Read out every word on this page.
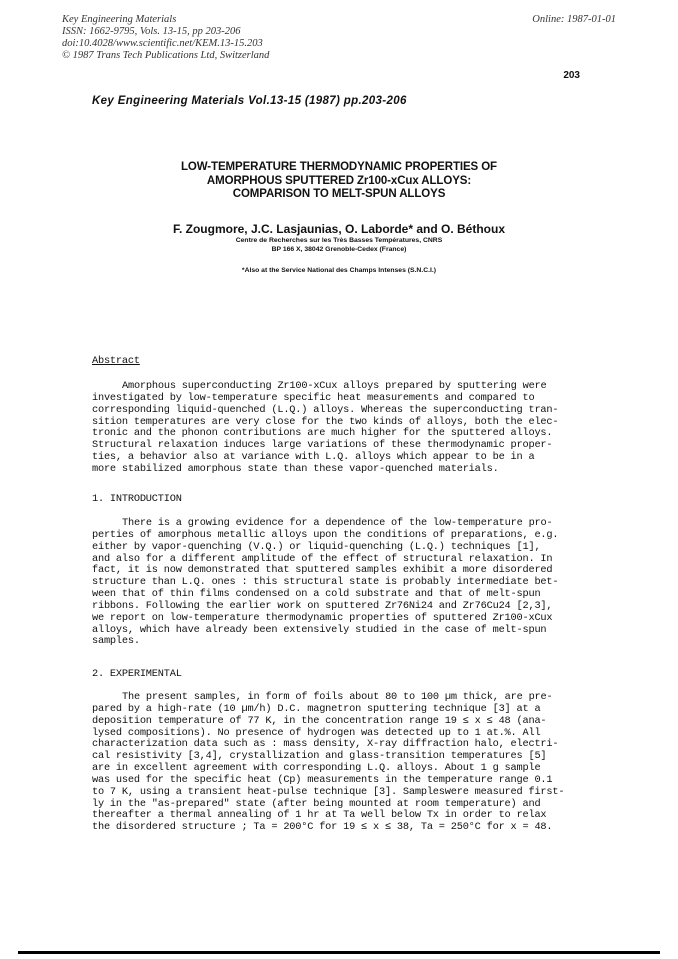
Key Engineering Materials
ISSN: 1662-9795, Vols. 13-15, pp 203-206
doi:10.4028/www.scientific.net/KEM.13-15.203
© 1987 Trans Tech Publications Ltd, Switzerland
Online: 1987-01-01
203
Key Engineering Materials Vol.13-15 (1987) pp.203-206
LOW-TEMPERATURE THERMODYNAMIC PROPERTIES OF
AMORPHOUS SPUTTERED Zr100-xCux ALLOYS:
COMPARISON TO MELT-SPUN ALLOYS
F. Zougmore, J.C. Lasjaunias, O. Laborde* and O. Béthoux
Centre de Recherches sur les Très Basses Températures, CNRS
BP 166 X, 38042 Grenoble-Cedex (France)
*Also at the Service National des Champs Intenses (S.N.C.I.)
Abstract
Amorphous superconducting Zr100-xCux alloys prepared by sputtering were
investigated by low-temperature specific heat measurements and compared to
corresponding liquid-quenched (L.Q.) alloys. Whereas the superconducting tran-
sition temperatures are very close for the two kinds of alloys, both the elec-
tronic and the phonon contributions are much higher for the sputtered alloys.
Structural relaxation induces large variations of these thermodynamic proper-
ties, a behavior also at variance with L.Q. alloys which appear to be in a
more stabilized amorphous state than these vapor-quenched materials.
1. INTRODUCTION
There is a growing evidence for a dependence of the low-temperature pro-
perties of amorphous metallic alloys upon the conditions of preparations, e.g.
either by vapor-quenching (V.Q.) or liquid-quenching (L.Q.) techniques [1],
and also for a different amplitude of the effect of structural relaxation. In
fact, it is now demonstrated that sputtered samples exhibit a more disordered
structure than L.Q. ones : this structural state is probably intermediate bet-
ween that of thin films condensed on a cold substrate and that of melt-spun
ribbons. Following the earlier work on sputtered Zr76Ni24 and Zr76Cu24 [2,3],
we report on low-temperature thermodynamic properties of sputtered Zr100-xCux
alloys, which have already been extensively studied in the case of melt-spun
samples.
2. EXPERIMENTAL
The present samples, in form of foils about 80 to 100 µm thick, are pre-
pared by a high-rate (10 µm/h) D.C. magnetron sputtering technique [3] at a
deposition temperature of 77 K, in the concentration range 19 ≤ x ≤ 48 (ana-
lysed compositions). No presence of hydrogen was detected up to 1 at.%. All
characterization data such as : mass density, X-ray diffraction halo, electri-
cal resistivity [3,4], crystallization and glass-transition temperatures [5]
are in excellent agreement with corresponding L.Q. alloys. About 1 g sample
was used for the specific heat (Cp) measurements in the temperature range 0.1
to 7 K, using a transient heat-pulse technique [3]. Sampleswere measured first-
ly in the "as-prepared" state (after being mounted at room temperature) and
thereafter a thermal annealing of 1 hr at Ta well below Tx in order to relax
the disordered structure ; Ta = 200°C for 19 ≤ x ≤ 38, Ta = 250°C for x = 48.
